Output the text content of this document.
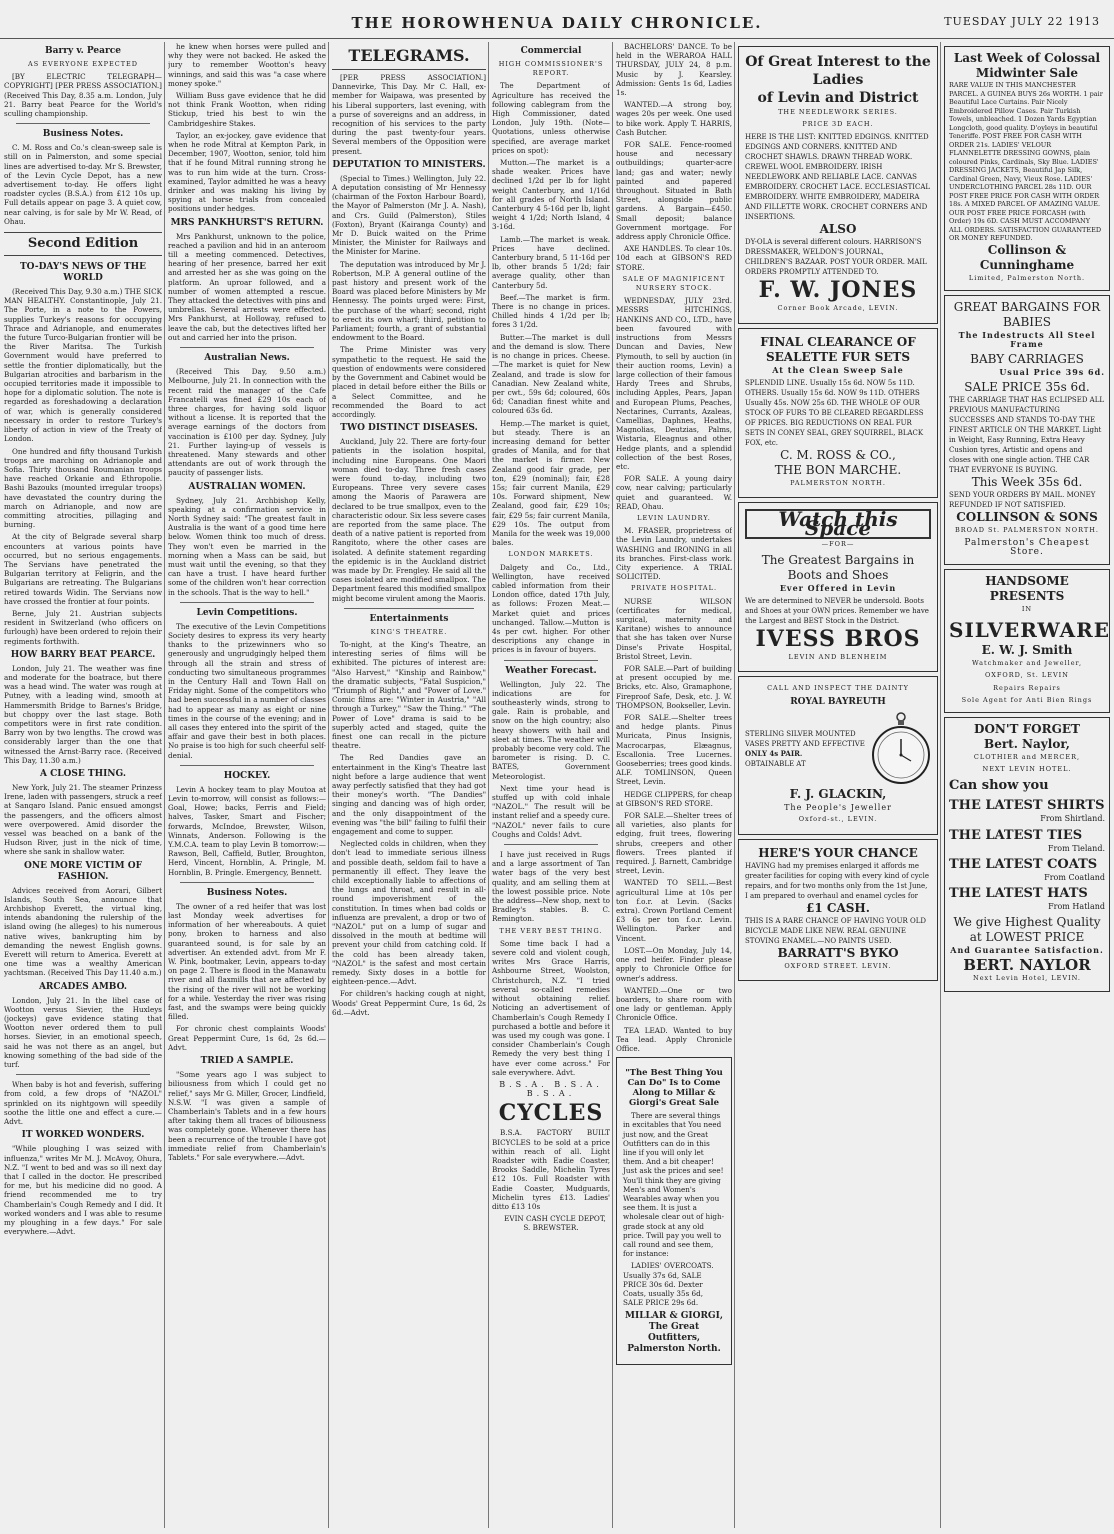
THE HOROWHENUA DAILY CHRONICLE.	TUESDAY JULY 22 1913
Barry v. Pearce
AS EVERYONE EXPECTED

[BY ELECTRIC TELEGRAPH—COPYRIGHT] [PER PRESS ASSOCIATION.] (Received This Day, 8.35 a.m. London, July 21. Barry beat Pearce for the World's sculling championship.

Business Notes.

C. M. Ross and Co.'s clean-sweep sale is still on in Palmerston, and some special lines are advertised to-day. Mr S. Brewster, of the Levin Cycle Depot, has a new advertisement to-day. He offers light roadster cycles (B.S.A.) from £12 10s up. Full details appear on page 3. A quiet cow, near calving, is for sale by Mr W. Read, of Ohau.

Second Edition
TO-DAY'S NEWS OF THE WORLD

(Received This Day, 9.30 a.m.) THE SICK MAN HEALTHY. Constantinople, July 21. The Porte, in a note to the Powers, supplies Turkey's reasons for occupying Thrace and Adrianople, and enumerates the future Turco-Bulgarian frontier will be the River Maritsa. The Turkish Government would have preferred to settle the frontier diplomatically, but the Bulgarian atrocities and barbarism in the occupied territories made it impossible to hope for a diplomatic solution. The note is regarded as foreshadowing a declaration of war, which is generally considered necessary in order to restore Turkey's liberty of action in view of the Treaty of London.

One hundred and fifty thousand Turkish troops are marching on Adrianople and Sofia. Thirty thousand Roumanian troops have reached Orkanie and Ethropolie. Bashi Bazouks (mounted irregular troops) have devastated the country during the march on Adrianople, and now are committing atrocities, pillaging and burning.

At the city of Belgrade several sharp encounters at various points have occurred, but no serious engagements. The Servians have penetrated the Bulgarian territory at Feligrin, and the Bulgarians are retreating. The Bulgarians retired towards Widin. The Servians now have crossed the frontier at four points.

Berne, July 21. Austrian subjects resident in Switzerland (who officers on furlough) have been ordered to rejoin their regiments forthwith.

HOW BARRY BEAT PEARCE.

London, July 21. The weather was fine and moderate for the boatrace, but there was a head wind. The water was rough at Putney, with a leading wind, smooth at Hammersmith Bridge to Barnes's Bridge, but choppy over the last stage. Both competitors were in first rate condition. Barry won by two lengths. The crowd was considerably larger than the one that witnessed the Arnst-Barry race. (Received This Day, 11.30 a.m.)

A CLOSE THING.

New York, July 21. The steamer Prinzess Irene, laden with passengers, struck a reef at Sanqaro Island. Panic ensued amongst the passengers, and the officers almost were overpowered. Amid disorder the vessel was beached on a bank of the Hudson River, just in the nick of time, where she sank in shallow water.

ONE MORE VICTIM OF FASHION.

Advices received from Aorari, Gilbert Islands, South Sea, announce that Archbishop Everett, the virtual king, intends abandoning the rulership of the island owing (he alleges) to his numerous native wives, bankrupting him by demanding the newest English gowns. Everett will return to America. Everett at one time was a wealthy American yachtsman. (Received This Day 11.40 a.m.)

ARCADES AMBO.

London, July 21. In the libel case of Wootton versus Sievier, the Huxleys (jockeys) gave evidence stating that Wootton never ordered them to pull horses. Sievier, in an emotional speech, said he was not there as an angel, but knowing something of the bad side of the turf.

When baby is hot and feverish, suffering from cold, a few drops of "NAZOL" sprinkled on its nightgown will speedily soothe the little one and effect a cure.—Advt.

IT WORKED WONDERS.

"While ploughing I was seized with influenza," writes Mr M. J. McAvoy, Ohura, N.Z. "I went to bed and was so ill next day that I called in the doctor. He prescribed for me, but his medicine did no good. A friend recommended me to try Chamberlain's Cough Remedy and I did. It worked wonders and I was able to resume my ploughing in a few days." For sale everywhere.—Advt.

he knew when horses were pulled and why they were not backed. He asked the jury to remember Wootton's heavy winnings, and said this was "a case where money spoke."

William Buss gave evidence that he did not think Frank Wootton, when riding Stickup, tried his best to win the Cambridgeshire Stakes.

Taylor, an ex-jockey, gave evidence that when he rode Mitral at Kempton Park, in December, 1907, Wootton, senior, told him that if he found Mitral running strong he was to run him wide at the turn. Cross-examined, Taylor admitted he was a heavy drinker and was making his living by spying at horse trials from concealed positions under hedges.

MRS PANKHURST'S RETURN.

Mrs Pankhurst, unknown to the police, reached a pavilion and hid in an anteroom till a meeting commenced. Detectives, hearing of her presence, barred her exit and arrested her as she was going on the platform. An uproar followed, and a number of women attempted a rescue. They attacked the detectives with pins and umbrellas. Several arrests were effected. Mrs Pankhurst, at Holloway, refused to leave the cab, but the detectives lifted her out and carried her into the prison.

Australian News.

(Received This Day, 9.50 a.m.) Melbourne, July 21. In connection with the recent raid the manager of the Cafe Francatelli was fined £29 10s each of three charges, for having sold liquor without a license. It is reported that the average earnings of the doctors from vaccination is £100 per day. Sydney, July 21. Further laying-up of vessels is threatened. Many stewards and other attendants are out of work through the paucity of passenger lists.

AUSTRALIAN WOMEN.

Sydney, July 21. Archbishop Kelly, speaking at a confirmation service in North Sydney said: "The greatest fault in Australia is the want of a good time here below. Women think too much of dress. They won't even be married in the morning when a Mass can be said, but must wait until the evening, so that they can have a trust. I have heard further some of the children won't hear correction in the schools. That is the way to hell."

Levin Competitions.

The executive of the Levin Competitions Society desires to express its very hearty thanks to the prizewinners who so generously and ungrudgingly helped them through all the strain and stress of conducting two simultaneous programmes in the Century Hall and Town Hall on Friday night. Some of the competitors who had been successful in a number of classes had to appear as many as eight or nine times in the course of the evening; and in all cases they entered into the spirit of the affair and gave their best in both places. No praise is too high for such cheerful self-denial.

HOCKEY.

Levin A hockey team to play Moutoa at Levin to-morrow, will consist as follows:—Goal, Howe; backs, Ferris and Field; halves, Tasker, Smart and Fischer; forwards, McIndoe, Brewster, Wilson, Winnats, Anderson. Following is the Y.M.C.A. team to play Levin B tomorrow:—Rawson, Bell, Caffield, Butler, Broughton, Herd, Vincent, Hornblin, A. Pringle, M. Hornblin, B. Pringle. Emergency, Bennett.

Business Notes.

The owner of a red heifer that was lost last Monday week advertises for information of her whereabouts. A quiet pony, broken to harness and also guaranteed sound, is for sale by an advertiser. An extended advt. from Mr F. W. Pink, bootmaker, Levin, appears to-day on page 2. There is flood in the Manawatu river and all flaxmills that are affected by the rising of the river will not be working for a while. Yesterday the river was rising fast, and the swamps were being quickly filled.

For chronic chest complaints Woods' Great Peppermint Cure, 1s 6d, 2s 6d.—Advt.

TRIED A SAMPLE.

"Some years ago I was subject to biliousness from which I could get no relief," says Mr G. Miller, Grocer, Lindfield, N.S.W. "I was given a sample of Chamberlain's Tablets and in a few hours after taking them all traces of biliousness was completely gone. Whenever there has been a recurrence of the trouble I have got immediate relief from Chamberlain's Tablets." For sale everywhere.—Advt.

TELEGRAMS.

[PER PRESS ASSOCIATION.] Dannevirke, This Day. Mr C. Hall, ex-member for Waipawa, was presented by his Liberal supporters, last evening, with a purse of sovereigns and an address, in recognition of his services to the party during the past twenty-four years. Several members of the Opposition were present.

DEPUTATION TO MINISTERS.

(Special to Times.) Wellington, July 22. A deputation consisting of Mr Hennessy (chairman of the Foxton Harbour Board), the Mayor of Palmerston (Mr J. A. Nash), and Crs. Guild (Palmerston), Stiles (Foxton), Bryant (Kairanga County) and Mr D. Buick waited on the Prime Minister, the Minister for Railways and the Minister for Marine.

The deputation was introduced by Mr J. Robertson, M.P. A general outline of the past history and present work of the Board was placed before Ministers by Mr Hennessy. The points urged were: First, the purchase of the wharf; second, right to erect its own wharf; third, petition to Parliament; fourth, a grant of substantial endowment to the Board.

The Prime Minister was very sympathetic to the request. He said the question of endowments were considered by the Government and Cabinet would be placed in detail before either the Bills or a Select Committee, and he recommended the Board to act accordingly.

TWO DISTINCT DISEASES.

Auckland, July 22. There are forty-four patients in the isolation hospital, including nine Europeans. One Maori woman died to-day. Three fresh cases were found to-day, including two Europeans. Three very severe cases among the Maoris of Parawera are declared to be true smallpox, even to the characteristic odour. Six less severe cases are reported from the same place. The death of a native patient is reported from Rangitoto, where the other cases are isolated. A definite statement regarding the epidemic is in the Auckland district was made by Dr. Frengley. He said all the cases isolated are modified smallpox. The Department feared this modified smallpox might become virulent among the Maoris.

Entertainments
KING'S THEATRE.

To-night, at the King's Theatre, an interesting series of films will be exhibited. The pictures of interest are: "Also Harvest," "Kinship and Rainbow," the dramatic subjects, "Fatal Suspicion," "Triumph of Right," and "Power of Love." Comic films are: "Winter in Austria," "All through a Turkey," "Saw the Thing." "The Power of Love" drama is said to be superbly acted and staged, quite the finest one can recall in the picture theatre.

The Red Dandies gave an entertainment in the King's Theatre last night before a large audience that went away perfectly satisfied that they had got their money's worth. "The Dandies" singing and dancing was of high order, and the only disappointment of the evening was "the bill" failing to fulfil their engagement and come to supper.

Neglected colds in children, when they don't lead to immediate serious illness and possible death, seldom fail to have a permanently ill effect. They leave the child exceptionally liable to affections of the lungs and throat, and result in all-round impoverishment of the constitution. In times when bad colds or influenza are prevalent, a drop or two of "NAZOL" put on a lump of sugar and dissolved in the mouth at bedtime will prevent your child from catching cold. If the cold has been already taken, "NAZOL" is the safest and most certain remedy. Sixty doses in a bottle for eighteen-pence.—Advt.

For children's hacking cough at night, Woods' Great Peppermint Cure, 1s 6d, 2s 6d.—Advt.

Commercial
HIGH COMMISSIONER'S REPORT.

The Department of Agriculture has received the following cablegram from the High Commissioner, dated London, July 19th. (Note—Quotations, unless otherwise specified, are average market prices on spot):

Mutton.—The market is a shade weaker. Prices have declined 1/2d per lb for light weight Canterbury, and 1/16d for all grades of North Island. Canterbury 4 5-16d per lb, light weight 4 1/2d; North Island, 4 3-16d.

Lamb.—The market is weak. Prices have declined. Canterbury brand, 5 11-16d per lb, other brands 5 1/2d; fair average quality, other than Canterbury 5d.

Beef.—The market is firm. There is no change in prices. Chilled hinds 4 1/2d per lb; fores 3 1/2d.

Butter.—The market is dull and the demand is slow. There is no change in prices. Cheese.—The market is quiet for New Zealand, and trade is slow for Canadian. New Zealand white, per cwt., 59s 6d; coloured, 60s 6d; Canadian finest white and coloured 63s 6d.

Hemp.—The market is quiet, but steady. There is an increasing demand for better grades of Manila, and for that the market is firmer. New Zealand good fair grade, per ton, £29 (nominal); fair, £28 15s; fair current Manila, £29 10s. Forward shipment, New Zealand, good fair, £29 10s; fair, £29 5s; fair current Manila, £29 10s. The output from Manila for the week was 19,000 bales.

LONDON MARKETS.

Dalgety and Co., Ltd., Wellington, have received cabled information from their London office, dated 17th July, as follows: Frozen Meat.—Market quiet and prices unchanged. Tallow.—Mutton is 4s per cwt. higher. For other descriptions any change in prices is in favour of buyers.

Weather Forecast.

Wellington, July 22. The indications are for southeasterly winds, strong to gale. Rain is probable, and snow on the high country; also heavy showers with hail and sleet at times. The weather will probably become very cold. The barometer is rising. D. C. BATES, Government Meteorologist.

Next time your head is stuffed up with cold inhale "NAZOL." The result will be instant relief and a speedy cure. "NAZOL" never fails to cure Coughs and Colds! Advt.

I have just received in Rugs and a large assortment of Tan water bags of the very best quality, and am selling them at the lowest possible price. Note the address—New shop, next to Bradley's stables. B. C. Remington.

THE VERY BEST THING.

Some time back I had a severe cold and violent cough, writes Mrs Grace Harris, Ashbourne Street, Woolston, Christchurch, N.Z. "I tried several so-called remedies without obtaining relief. Noticing an advertisement of Chamberlain's Cough Remedy I purchased a bottle and before it was used my cough was gone. I consider Chamberlain's Cough Remedy the very best thing I have ever come across." For sale everywhere. Advt.

B.S.A. B.S.A. B.S.A.
CYCLES

B.S.A. FACTORY BUILT BICYCLES to be sold at a price within reach of all. Light Roadster with Eadie Coaster, Brooks Saddle, Michelin Tyres £12 10s. Full Roadster with Eadie Coaster, Mudguards, Michelin tyres £13. Ladies' ditto £13 10s

EVIN CASH CYCLE DEPOT, S. BREWSTER.

BACHELORS' DANCE. To be held in the WERAROA HALL THURSDAY, JULY 24, 8 p.m. Music by J. Kearsley. Admission: Gents 1s 6d, Ladies 1s.

WANTED.—A strong boy, wages 20s per week. One used to bike work. Apply T. HARRIS, Cash Butcher.

FOR SALE. Fence-roomed house and necessary outbuildings; quarter-acre land; gas and water; newly painted and papered throughout. Situated in Bath Street, alongside public gardens. A Bargain—£450. Small deposit; balance Government mortgage. For address apply Chronicle Office.

AXE HANDLES. To clear 10s. 10d each at GIBSON'S RED STORE.

SALE OF MAGNIFICENT NURSERY STOCK.

WEDNESDAY, JULY 23rd. MESSRS HITCHINGS, HANKINS AND CO., LTD., have been favoured with instructions from Messrs Duncan and Davies, New Plymouth, to sell by auction (in their auction rooms, Levin) a large collection of their famous Hardy Trees and Shrubs, including Apples, Pears, Japan and European Plums, Peaches, Nectarines, Currants, Azaleas, Camellias, Daphnes, Heaths, Magnolias, Deutzias, Palms, Wistaria, Eleagnus and other Hedge plants, and a splendid collection of the best Roses, etc.

FOR SALE. A young dairy cow, near calving; particularly quiet and guaranteed. W. READ, Ohau.

LEVIN LAUNDRY.

M. FRASER, proprietress of the Levin Laundry, undertakes WASHING and IRONING in all its branches. First-class work. City experience. A TRIAL SOLICITED.

PRIVATE HOSPITAL.

NURSE WILSON (certificates for medical, surgical, maternity and Karitane) wishes to announce that she has taken over Nurse Dinse's Private Hospital, Bristol Street, Levin.

FOR SALE.—Part of building at present occupied by me. Bricks, etc. Also, Gramaphone, Fireproof Safe, Desk, etc. J. W. THOMPSON, Bookseller, Levin.

FOR SALE.—Shelter trees and hedge plants. Pinus Muricata, Pinus Insignis, Macrocarpas, Elæagnus, Escallonia. Tree Lucernes. Gooseberries; trees good kinds. ALF. TOMLINSON, Queen Street, Levin.

HEDGE CLIPPERS, for cheap at GIBSON'S RED STORE.

FOR SALE.—Shelter trees of all varieties, also plants for edging, fruit trees, flowering shrubs, creepers and other flowers. Trees planted if required. J. Barnett, Cambridge street, Levin.

WANTED TO SELL.—Best agricultural Lime at 10s per ton f.o.r. at Levin. (Sacks extra). Crown Portland Cement £3 6s per ton f.o.r. Levin. Wellington. Parker and Vincent.

LOST.—On Monday, July 14, one red heifer. Finder please apply to Chronicle Office for owner's address.

WANTED.—One or two boarders, to share room with one lady or gentleman. Apply Chronicle Office.

TEA LEAD. Wanted to buy Tea lead. Apply Chronicle Office.

"The Best Thing You Can Do" Is to Come Along to Millar & Giorgi's Great Sale

There are several things in excitables that You need just now, and the Great Outfitters can do in this line if you will only let them. And a bit cheaper! Just ask the prices and see! You'll think they are giving Men's and Women's Wearables away when you see them. It is just a wholesale clear out of high-grade stock at any old price. Twill pay you well to call round and see them, for instance:

LADIES' OVERCOATS. Usually 37s 6d, SALE PRICE 30s 6d. Dexter Coats, usually 35s 6d, SALE PRICE 29s 6d.

MILLAR & GIORGI, The Great Outfitters, Palmerston North.
Of Great Interest to the Ladies
of Levin and District
THE NEEDLEWORK SERIES.
PRICE 3D EACH.
HERE IS THE LIST: KNITTED EDGINGS. KNITTED EDGINGS AND CORNERS. KNITTED AND CROCHET SHAWLS. DRAWN THREAD WORK. CREWEL WOOL EMBROIDERY. IRISH NEEDLEWORK AND RELIABLE LACE. CANVAS EMBROIDERY. CROCHET LACE. ECCLESIASTICAL EMBROIDERY. WHITE EMBROIDERY, MADEIRA AND FILLETTE WORK. CROCHET CORNERS AND INSERTIONS.
ALSO
DY-OLA is several different colours. HARRISON'S DRESSMAKER, WELDON'S JOURNAL, CHILDREN'S BAZAAR. POST YOUR ORDER. MAIL ORDERS PROMPTLY ATTENDED TO.
F. W. JONES
Corner Book Arcade, LEVIN.
FINAL CLEARANCE OF SEALETTE FUR SETS
At the Clean Sweep Sale
SPLENDID LINE. Usually 15s 6d. NOW 5s 11D. OTHERS. Usually 15s 6d. NOW 9s 11D. OTHERS Usually 45s. NOW 25s 6D. THE WHOLE OF OUR STOCK OF FURS TO BE CLEARED REGARDLESS OF PRICES. BIG REDUCTIONS ON REAL FUR SETS IN CONEY SEAL, GREY SQUIRREL, BLACK FOX, etc.
C. M. ROSS & CO.,
THE BON MARCHE.
PALMERSTON NORTH.
Watch this Space
—FOR—
The Greatest Bargains in Boots and Shoes
Ever Offered in Levin
We are determined to NEVER be undersold. Boots and Shoes at your OWN prices. Remember we have the Largest and BEST Stock in the District.
IVESS BROS
LEVIN AND BLENHEIM
CALL AND INSPECT THE DAINTY
ROYAL BAYREUTH
STERLING SILVER MOUNTED VASES PRETTY AND EFFECTIVE
ONLY 4s PAIR.
OBTAINABLE AT
F. J. GLACKIN,
The People's Jeweller
Oxford-st., LEVIN.
HERE'S YOUR CHANCE
HAVING had my premises enlarged it affords me greater facilities for coping with every kind of cycle repairs, and for two months only from the 1st June, I am prepared to overhaul and enamel cycles for
£1 CASH.
THIS IS A RARE CHANCE OF HAVING YOUR OLD BICYCLE MADE LIKE NEW. REAL GENUINE STOVING ENAMEL.—NO PAINTS USED.
BARRATT'S BYKO
OXFORD STREET. LEVIN.
Last Week of Colossal Midwinter Sale
RARE VALUE IN THIS MANCHESTER PARCEL. A GUINEA BUYS 26s WORTH. 1 pair Beautiful Lace Curtains. Pair Nicely Embroidered Pillow Cases. Pair Turkish Towels, unbleached. 1 Dozen Yards Egyptian Longcloth, good quality. D'oyleys in beautiful Teneriffe. POST FREE FOR CASH WITH ORDER 21s. LADIES' VELOUR FLANNELETTE DRESSING GOWNS, plain coloured Pinks, Cardinals, Sky Blue. LADIES' DRESSING JACKETS, Beautiful Jap Silk, Cardinal Green, Navy, Vieux Rose. LADIES' UNDERCLOTHING PARCEL 28s 11D. OUR POST FREE PRICE FOR CASH WITH ORDER 18s. A MIXED PARCEL OF AMAZING VALUE. OUR POST FREE PRICE FORCASH (with Order) 19s 6D. CASH MUST ACCOMPANY ALL ORDERS. SATISFACTION GUARANTEED OR MONEY REFUNDED.
Collinson & Cunninghame
Limited, Palmerston North.
GREAT BARGAINS FOR BABIES
The Indestructs All Steel Frame
BABY CARRIAGES
Usual Price 39s 6d.
SALE PRICE 35s 6d.
THE CARRIAGE THAT HAS ECLIPSED ALL PREVIOUS MANUFACTURING SUCCESSES AND STANDS TO-DAY THE FINEST ARTICLE ON THE MARKET. Light in Weight, Easy Running, Extra Heavy Cushion tyres, Artistic and opens and closes with one single action. THE CAR THAT EVERYONE IS BUYING.
This Week 35s 6d.
SEND YOUR ORDERS BY MAIL. MONEY REFUNDED IF NOT SATISFIED.
COLLINSON & SONS
BROAD St. PALMERSTON NORTH.
Palmerston's Cheapest Store.
HANDSOME PRESENTS
IN
SILVERWARE
E. W. J. Smith
Watchmaker and Jeweller,
OXFORD, St. LEVIN
Repairs Repairs
Sole Agent for Anti Bien Rings
DON'T FORGET
Bert. Naylor,
CLOTHIER and MERCER,
NEXT LEVIN HOTEL.
Can show you
THE LATEST SHIRTS
From Shirtland.
THE LATEST TIES
From Tieland.
THE LATEST COATS
From Coatland
THE LATEST HATS
From Hatland
We give Highest Quality at LOWEST PRICE
And Guarantee Satisfaction.
BERT. NAYLOR
Next Levin Hotel, LEVIN.
